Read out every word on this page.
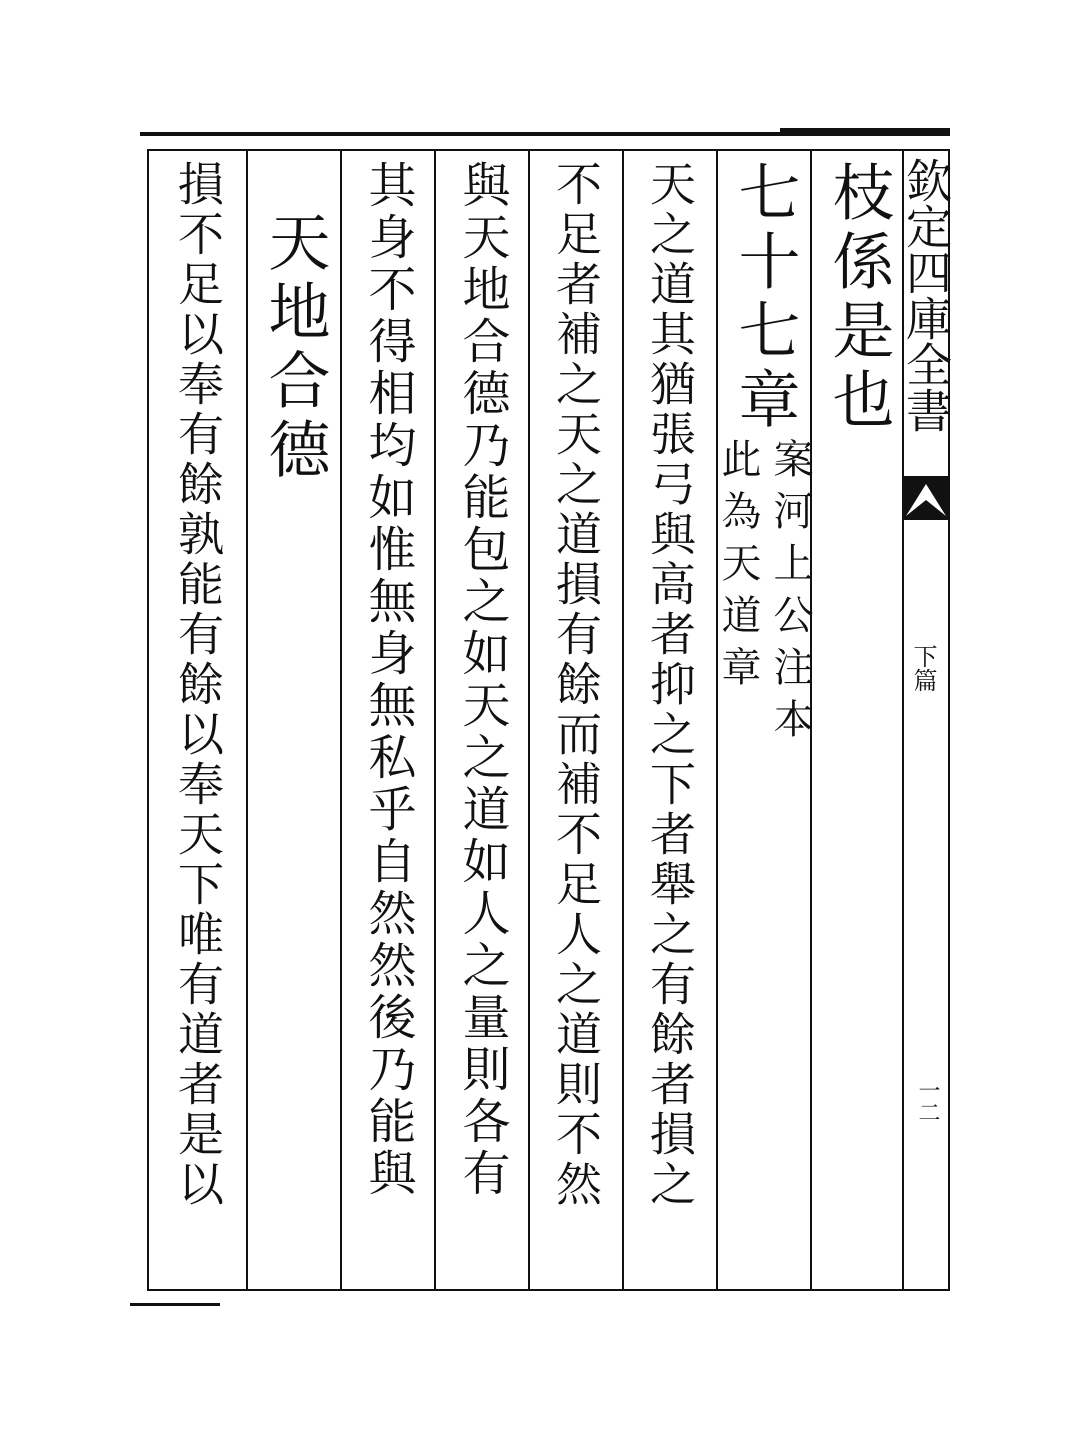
欽定四庫全書
下篇
一二
枝係是也
七十七章
案河上公注本
此為天道章
天之道其猶張弓與高者抑之下者舉之有餘者損之
不足者補之天之道損有餘而補不足人之道則不然
與天地合德乃能包之如天之道如人之量則各有
其身不得相均如惟無身無私乎自然然後乃能與
天地合德
損不足以奉有餘孰能有餘以奉天下唯有道者是以
